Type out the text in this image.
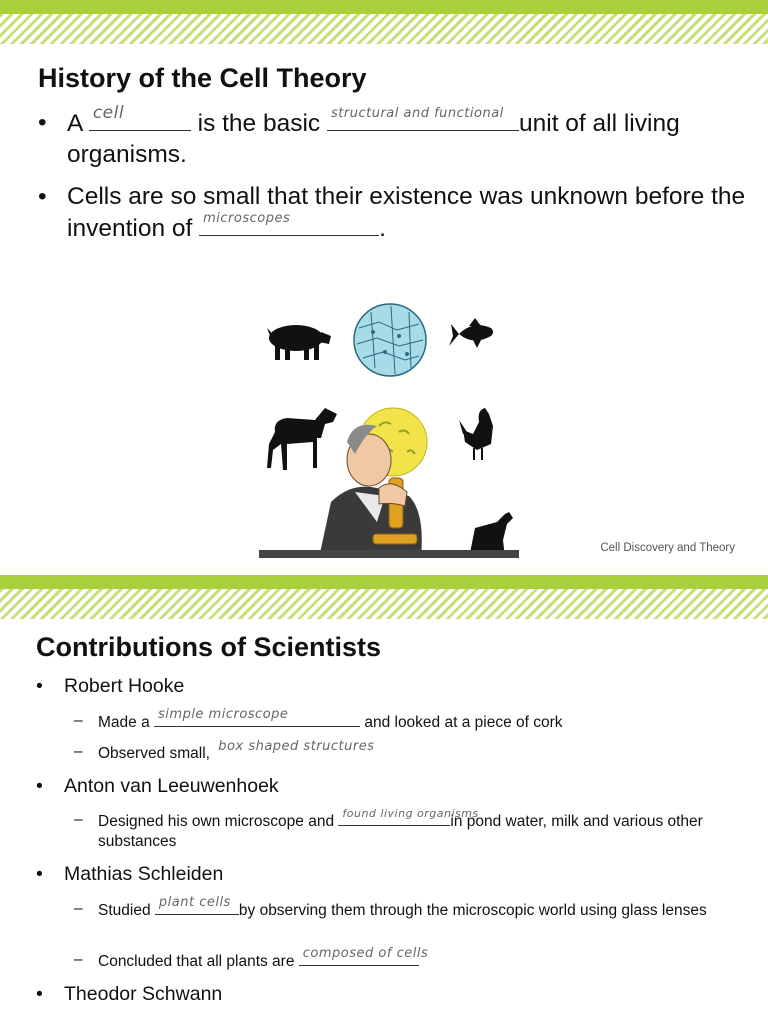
History of the Cell Theory
• A cell	is the basic structural and functional unit of all living organisms.
• Cells are so small that their existence was unknown before the invention of microscopes	.
Cell Discovery and Theory
Contributions of Scientists
• Robert Hooke
– Made a simple microscope	and looked at a piece of cork
– Observed small, box shaped structures
• Anton van Leeuwenhoek
– Designed his own microscope and found living organisms
in pond water, milk and various other substances
• Mathias Schleiden
– Studied plant cells by observing them through the microscopic world using glass lenses
– Concluded that all plants are composed of cells
• Theodor Schwann
